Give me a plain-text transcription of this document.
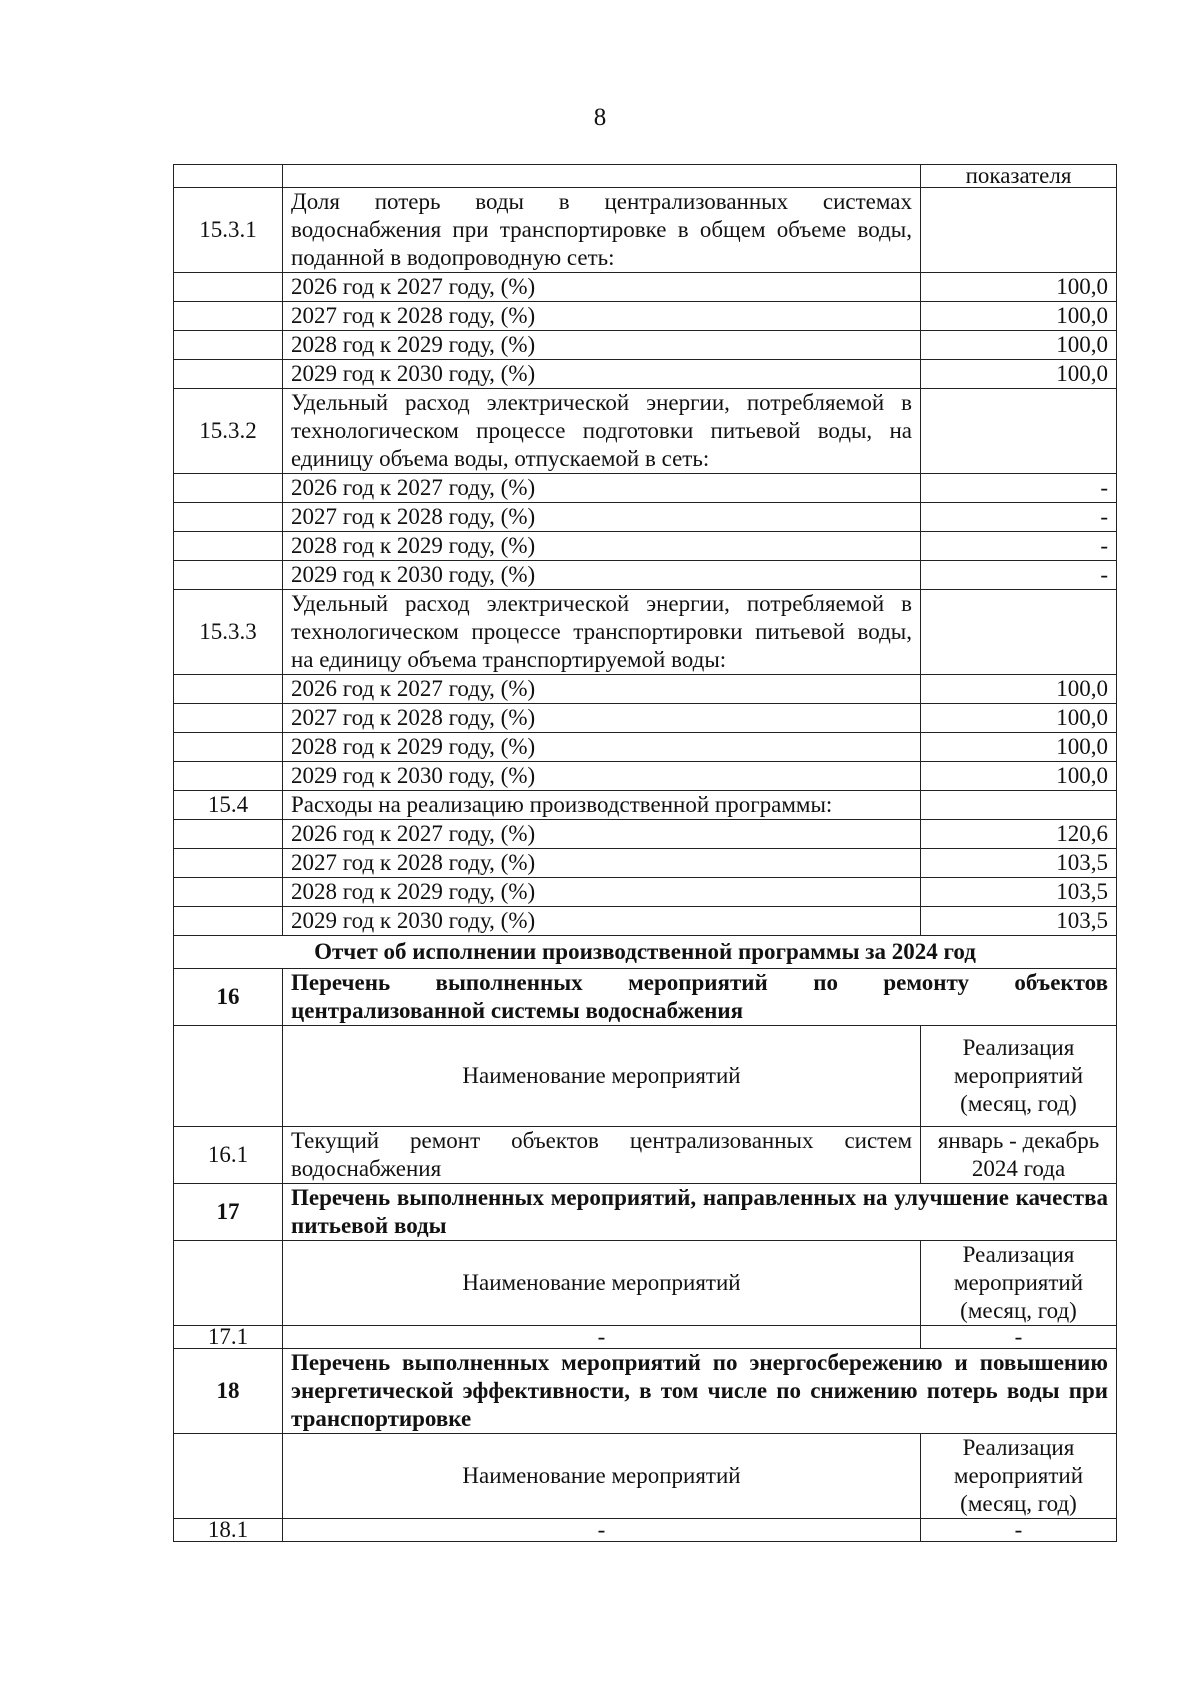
8
		показателя
15.3.1	Доля потерь воды в централизованных системах водоснабжения при транспортировке в общем объеме воды, поданной в водопроводную сеть:	
	2026 год к 2027 году, (%)	100,0
	2027 год к 2028 году, (%)	100,0
	2028 год к 2029 году, (%)	100,0
	2029 год к 2030 году, (%)	100,0
15.3.2	Удельный расход электрической энергии, потребляемой в технологическом процессе подготовки питьевой воды, на единицу объема воды, отпускаемой в сеть:	
	2026 год к 2027 году, (%)	-
	2027 год к 2028 году, (%)	-
	2028 год к 2029 году, (%)	-
	2029 год к 2030 году, (%)	-
15.3.3	Удельный расход электрической энергии, потребляемой в технологическом процессе транспортировки питьевой воды, на единицу объема транспортируемой воды:	
	2026 год к 2027 году, (%)	100,0
	2027 год к 2028 году, (%)	100,0
	2028 год к 2029 году, (%)	100,0
	2029 год к 2030 году, (%)	100,0
15.4	Расходы на реализацию производственной программы:	
	2026 год к 2027 году, (%)	120,6
	2027 год к 2028 году, (%)	103,5
	2028 год к 2029 году, (%)	103,5
	2029 год к 2030 году, (%)	103,5
Отчет об исполнении производственной программы за 2024 год		
16	Перечень выполненных мероприятий по ремонту объектов централизованной системы водоснабжения	
	Наименование мероприятий	Реализация мероприятий (месяц, год)
16.1	Текущий ремонт объектов централизованных систем водоснабжения	январь - декабрь 2024 года
17	Перечень выполненных мероприятий, направленных на улучшение качества питьевой воды	
	Наименование мероприятий	Реализация мероприятий (месяц, год)
17.1	-	-
18	Перечень выполненных мероприятий по энергосбережению и повышению энергетической эффективности, в том числе по снижению потерь воды при транспортировке	
	Наименование мероприятий	Реализация мероприятий (месяц, год)
18.1	-	-
